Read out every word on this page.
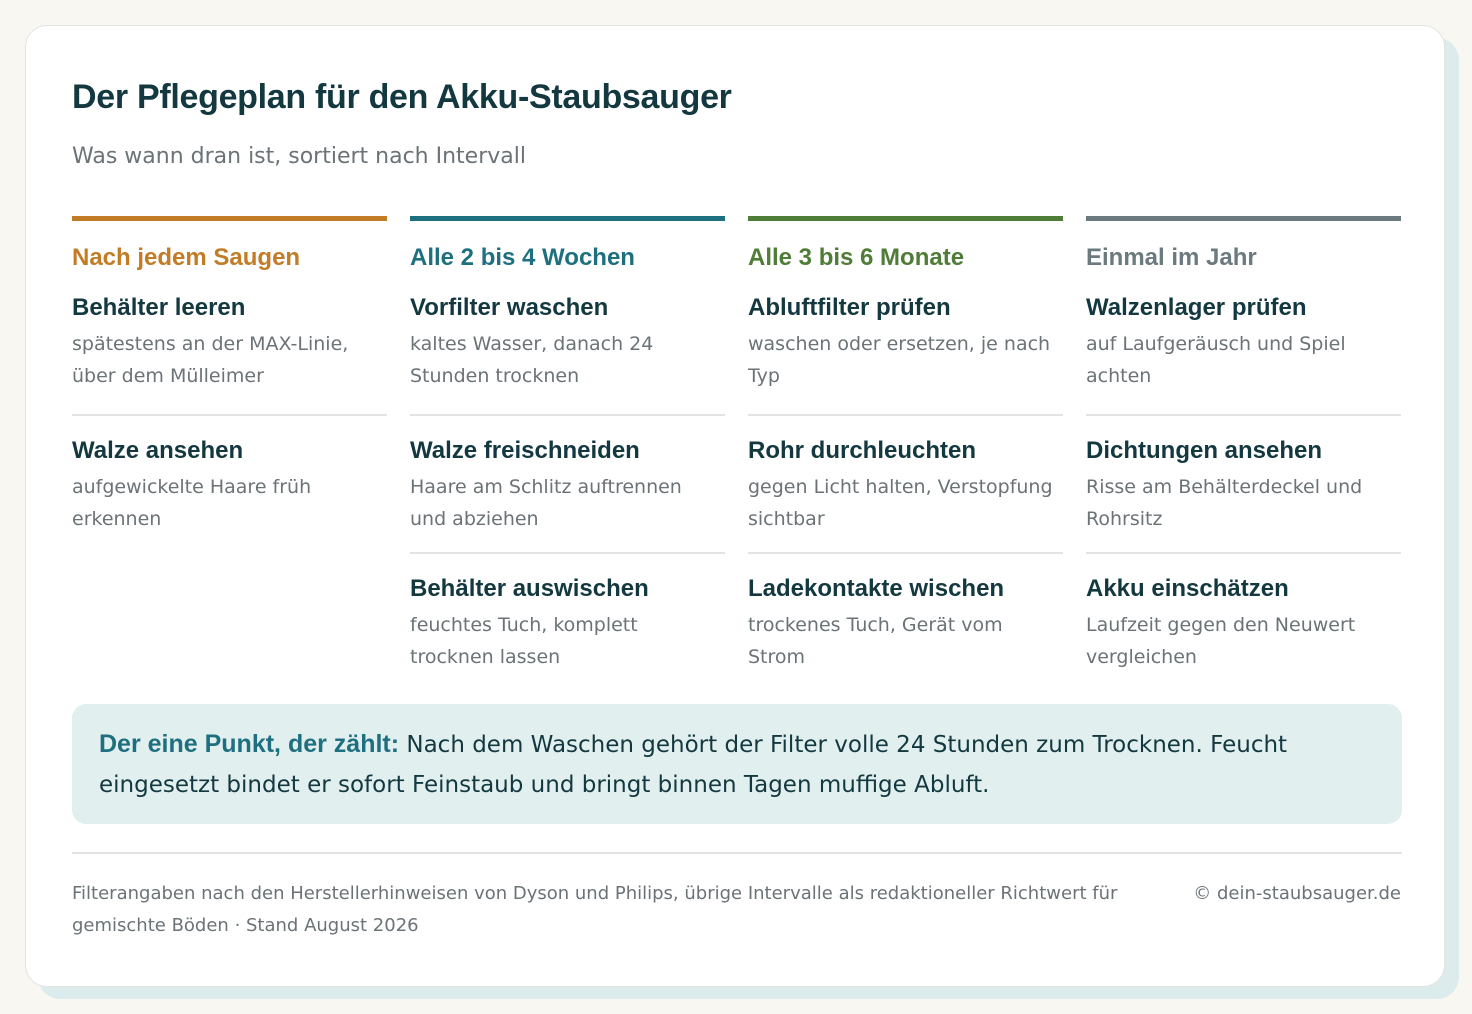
Der Pflegeplan für den Akku-Staubsauger

Was wann dran ist, sortiert nach Intervall

Nach jedem Saugen
Behälter leeren
spätestens an der MAX-Linie, über dem Mülleimer
Walze ansehen
aufgewickelte Haare früh erkennen
Alle 2 bis 4 Wochen
Vorfilter waschen
kaltes Wasser, danach 24 Stunden trocknen
Walze freischneiden
Haare am Schlitz auftrennen und abziehen
Behälter auswischen
feuchtes Tuch, komplett trocknen lassen
Alle 3 bis 6 Monate
Abluftfilter prüfen
waschen oder ersetzen, je nach Typ
Rohr durchleuchten
gegen Licht halten, Verstopfung sichtbar
Ladekontakte wischen
trockenes Tuch, Gerät vom Strom
Einmal im Jahr
Walzenlager prüfen
auf Laufgeräusch und Spiel achten
Dichtungen ansehen
Risse am Behälterdeckel und Rohrsitz
Akku einschätzen
Laufzeit gegen den Neuwert vergleichen
Der eine Punkt, der zählt: Nach dem Waschen gehört der Filter volle 24 Stunden zum Trocknen. Feucht eingesetzt bindet er sofort Feinstaub und bringt binnen Tagen muffige Abluft.

Filterangaben nach den Herstellerhinweisen von Dyson und Philips, übrige Intervalle als redaktioneller Richtwert für gemischte Böden · Stand August 2026

© dein-staubsauger.de
